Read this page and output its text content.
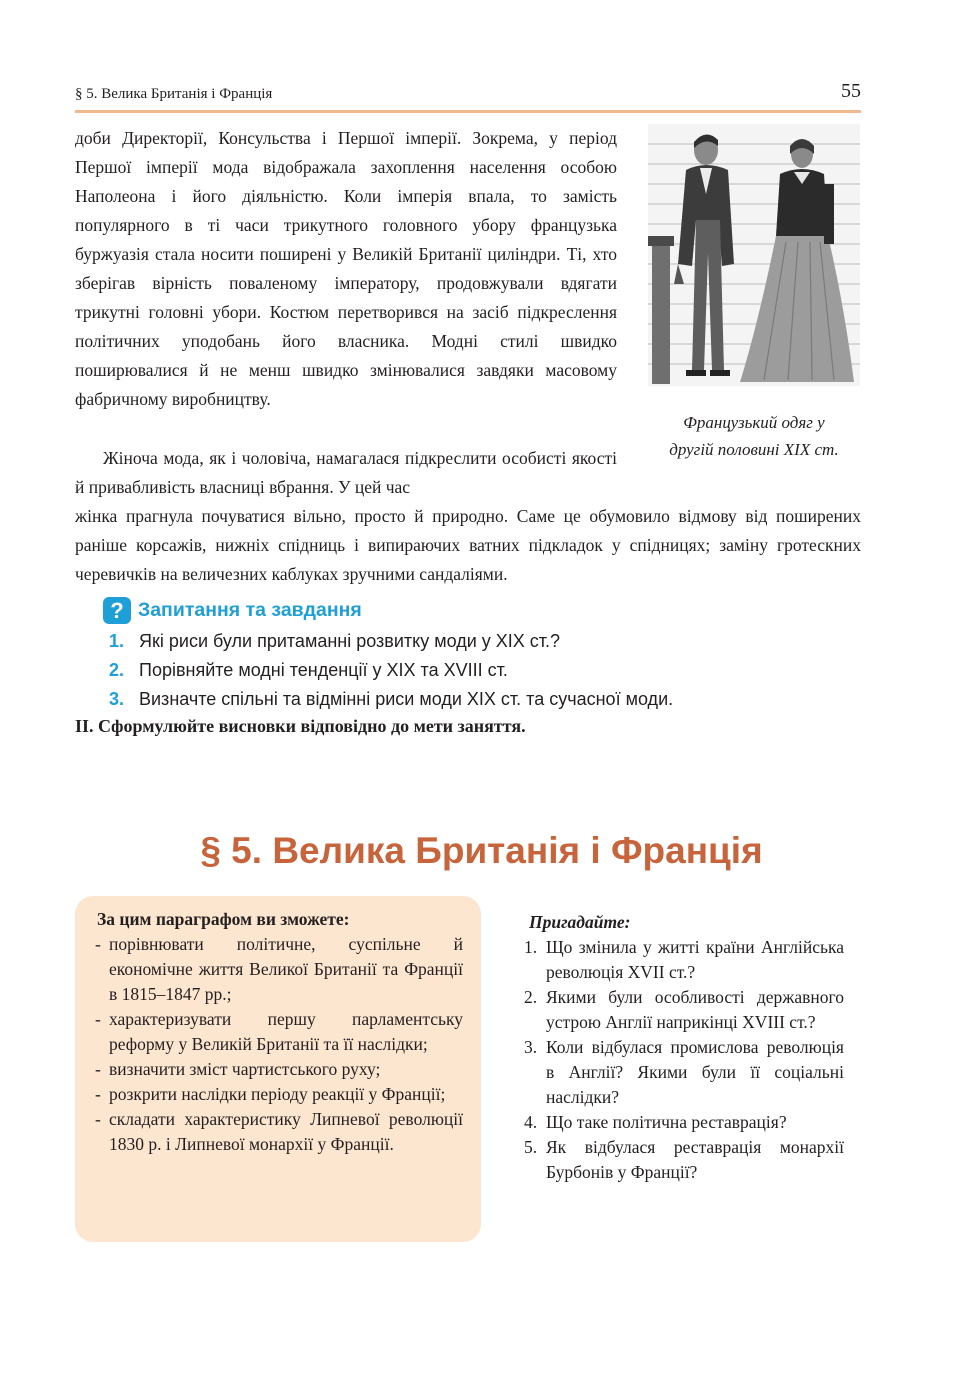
§ 5. Велика Британія і Франція	55
доби Директорії, Консульства і Першої імперії. Зокрема, у період Першої імперії мода відображала захоплення населення особою Наполеона і його діяльністю. Коли імперія впала, то замість популярного в ті часи трикутного головного убору французька буржуазія стала носити поширені у Великій Британії циліндри. Ті, хто зберігав вірність поваленому імператору, продовжували вдягати трикутні головні убори. Костюм перетворився на засіб підкреслення політичних уподобань його власника. Модні стилі швидко поширювалися й не менш швидко змінювалися завдяки масовому фабричному виробництву.
Французький одяг у
другій половині XIX ст.
Жіноча мода, як і чоловіча, намагалася підкреслити особисті якості й привабливість власниці вбрання. У цей час
жінка прагнула почуватися вільно, просто й природно. Саме це обумовило відмову від поширених раніше корсажів, нижніх спідниць і випираючих ватних підкладок у спідницях; заміну гротескних черевичків на величезних каблуках зручними сандаліями.
? Запитання та завдання
1. Які риси були притаманні розвитку моди у XIX ст.?
2. Порівняйте модні тенденції у XIX та XVIII ст.
3. Визначте спільні та відмінні риси моди XIX ст. та сучасної моди.
II. Сформулюйте висновки відповідно до мети заняття.
§ 5. Велика Британія і Франція
За цим параграфом ви зможете:
- порівнювати політичне, суспільне й економічне життя Великої Британії та Франції в 1815–1847 рр.;
- характеризувати першу парламентську реформу у Великій Британії та її наслідки;
- визначити зміст чартистського руху;
- розкрити наслідки періоду реакції у Франції;
- складати характеристику Липневої революції 1830 р. і Липневої монархії у Франції.
Пригадайте:
1. Що змінила у житті країни Англійська революція XVII ст.?
2. Якими були особливості державного устрою Англії наприкінці XVIII ст.?
3. Коли відбулася промислова революція в Англії? Якими були її соціальні наслідки?
4. Що таке політична реставрація?
5. Як відбулася реставрація монархії Бурбонів у Франції?
